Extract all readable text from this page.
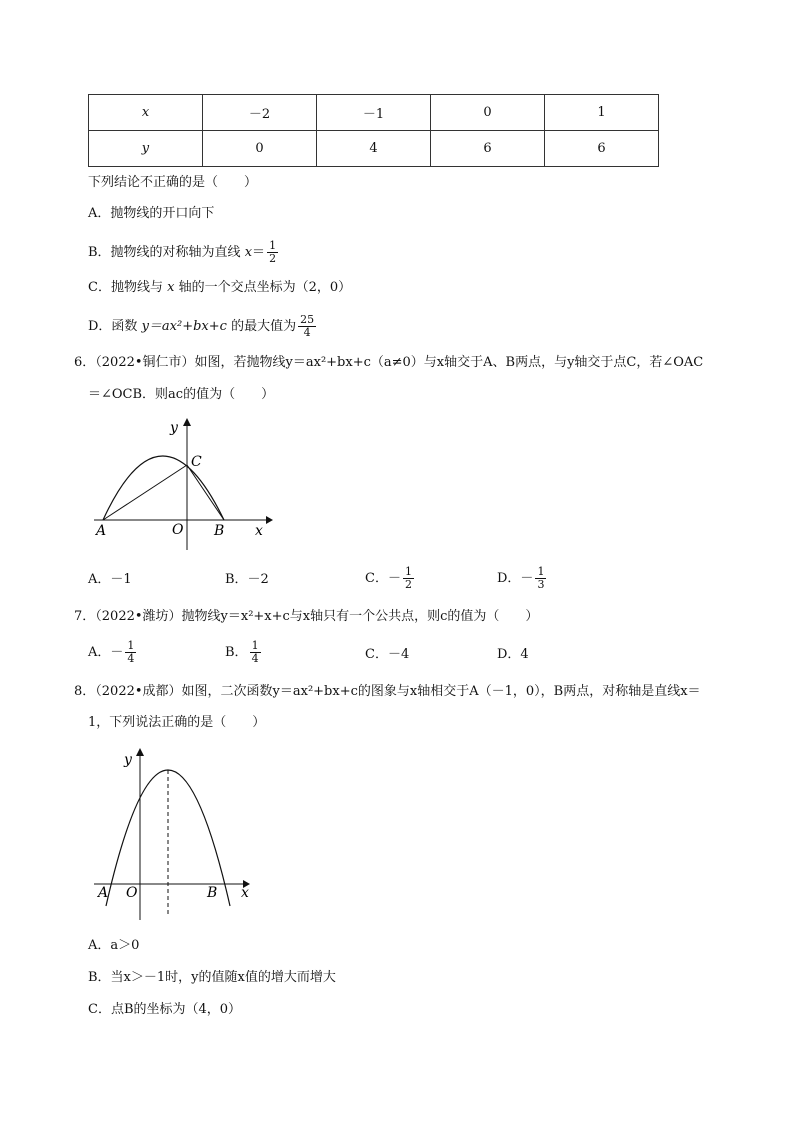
x	－2	－1	0	1
y	0	4	6	6
下列结论不正确的是（　　）
A．抛物线的开口向下
B．抛物线的对称轴为直线 $x= \frac{1}{2}$
C．抛物线与 x 轴的一个交点坐标为（2，0）
D．函数 y＝ax²+bx+c 的最大值为 $\frac{25}{4}$
6．（2022•铜仁市）如图，若抛物线y＝ax²+bx+c（a≠0）与x轴交于A、B两点，与y轴交于点C，若∠OAC
＝∠OCB．则ac的值为（　　）
y
C
A	O B x
A．－1	B．－2	C．－ $\frac{1}{2}$	D．－ $\frac{1}{3}$
7．（2022•潍坊）抛物线y＝x²+x+c与x轴只有一个公共点，则c的值为（　　）
A．－ $\frac{1}{4}$	B． $\frac{1}{4}$	C．－4	D．4
8．（2022•成都）如图，二次函数y＝ax²+bx+c的图象与x轴相交于A（－1，0），B两点，对称轴是直线x＝
1，下列说法正确的是（　　）
y
A O	B x
A．a＞0
B．当x＞－1时，y的值随x值的增大而增大
C．点B的坐标为（4，0）
